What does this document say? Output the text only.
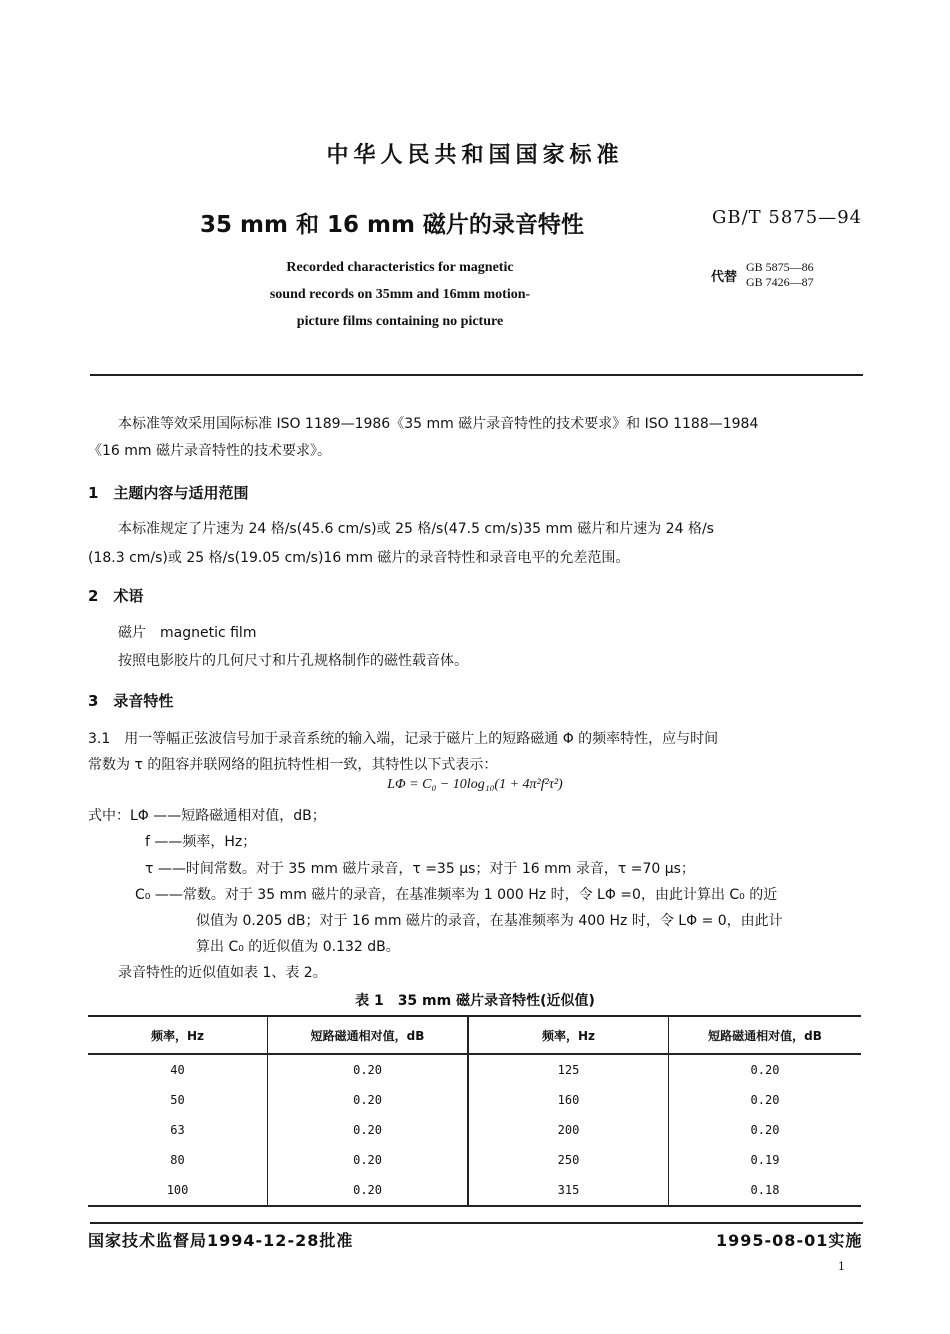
中华人民共和国国家标准
35 mm 和 16 mm 磁片的录音特性	GB/T 5875—94
Recorded characteristics for magnetic
sound records on 35mm and 16mm motion-
picture films containing no picture
代替
GB 5875—86
GB 7426—87
本标准等效采用国际标准 ISO 1189—1986《35 mm 磁片录音特性的技术要求》和 ISO 1188—1984
《16 mm 磁片录音特性的技术要求》。
1　主题内容与适用范围
本标准规定了片速为 24 格/s(45.6 cm/s)或 25 格/s(47.5 cm/s)35 mm 磁片和片速为 24 格/s
(18.3 cm/s)或 25 格/s(19.05 cm/s)16 mm 磁片的录音特性和录音电平的允差范围。
2　术语
磁片　magnetic film
按照电影胶片的几何尺寸和片孔规格制作的磁性载音体。
3　录音特性
3.1　用一等幅正弦波信号加于录音系统的输入端，记录于磁片上的短路磁通 Φ 的频率特性，应与时间
常数为 τ 的阻容并联网络的阻抗特性相一致，其特性以下式表示：
LΦ = C₀ − 10log₁₀(1 + 4π²f²τ²)
式中：LΦ ——短路磁通相对值，dB；
f ——频率，Hz；
τ ——时间常数。对于 35 mm 磁片录音，τ =35 μs；对于 16 mm 录音，τ =70 μs；
C₀ ——常数。对于 35 mm 磁片的录音，在基准频率为 1 000 Hz 时，令 LΦ =0，由此计算出 C₀ 的近
似值为 0.205 dB；对于 16 mm 磁片的录音，在基准频率为 400 Hz 时，令 LΦ = 0，由此计
算出 C₀ 的近似值为 0.132 dB。
录音特性的近似值如表 1、表 2。
表 1　35 mm 磁片录音特性(近似值)
频率，Hz	短路磁通相对值，dB	频率，Hz	短路磁通相对值，dB
40	0.20	125	0.20
50	0.20	160	0.20
63	0.20	200	0.20
80	0.20	250	0.19
100	0.20	315	0.18
国家技术监督局1994-12-28批准	1995-08-01实施
1
